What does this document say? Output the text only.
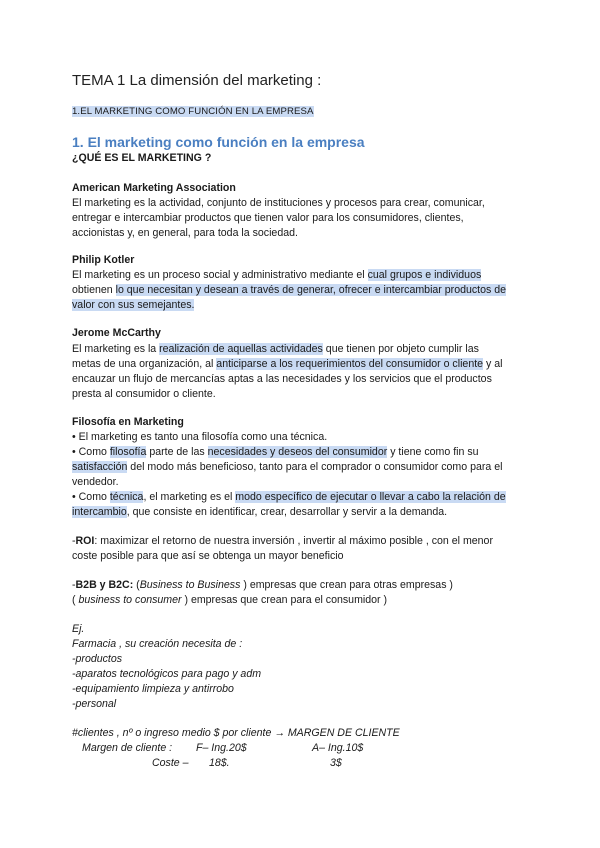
TEMA 1 La dimensión del marketing :
1.EL MARKETING COMO FUNCIÓN EN LA EMPRESA
1. El marketing como función en la empresa
¿QUÉ ES EL MARKETING ?
American Marketing Association
El marketing es la actividad, conjunto de instituciones y procesos para crear, comunicar,
entregar e intercambiar productos que tienen valor para los consumidores, clientes,
accionistas y, en general, para toda la sociedad.
Philip Kotler
El marketing es un proceso social y administrativo mediante el cual grupos e individuos
obtienen lo que necesitan y desean a través de generar, ofrecer e intercambiar productos de
valor con sus semejantes.
Jerome McCarthy
El marketing es la realización de aquellas actividades que tienen por objeto cumplir las
metas de una organización, al anticiparse a los requerimientos del consumidor o cliente y al
encauzar un flujo de mercancías aptas a las necesidades y los servicios que el productos
presta al consumidor o cliente.
Filosofía en Marketing
• El marketing es tanto una filosofía como una técnica.
• Como filosofía parte de las necesidades y deseos del consumidor y tiene como fin su
satisfacción del modo más beneficioso, tanto para el comprador o consumidor como para el
vendedor.
• Como técnica, el marketing es el modo específico de ejecutar o llevar a cabo la relación de
intercambio, que consiste en identificar, crear, desarrollar y servir a la demanda.
-ROI: maximizar el retorno de nuestra inversión , invertir al máximo posible , con el menor
coste posible para que así se obtenga un mayor beneficio
-B2B y B2C: (Business to Business ) empresas que crean para otras empresas )
( business to consumer ) empresas que crean para el consumidor )
Ej.
Farmacia , su creación necesita de :
-productos
-aparatos tecnológicos para pago y adm
-equipamiento limpieza y antirrobo
-personal
#clientes , nº o ingreso medio $ por cliente → MARGEN DE CLIENTE
Margen de cliente : F– Ing.20$	A– Ing.10$
Coste – 18$.	3$
